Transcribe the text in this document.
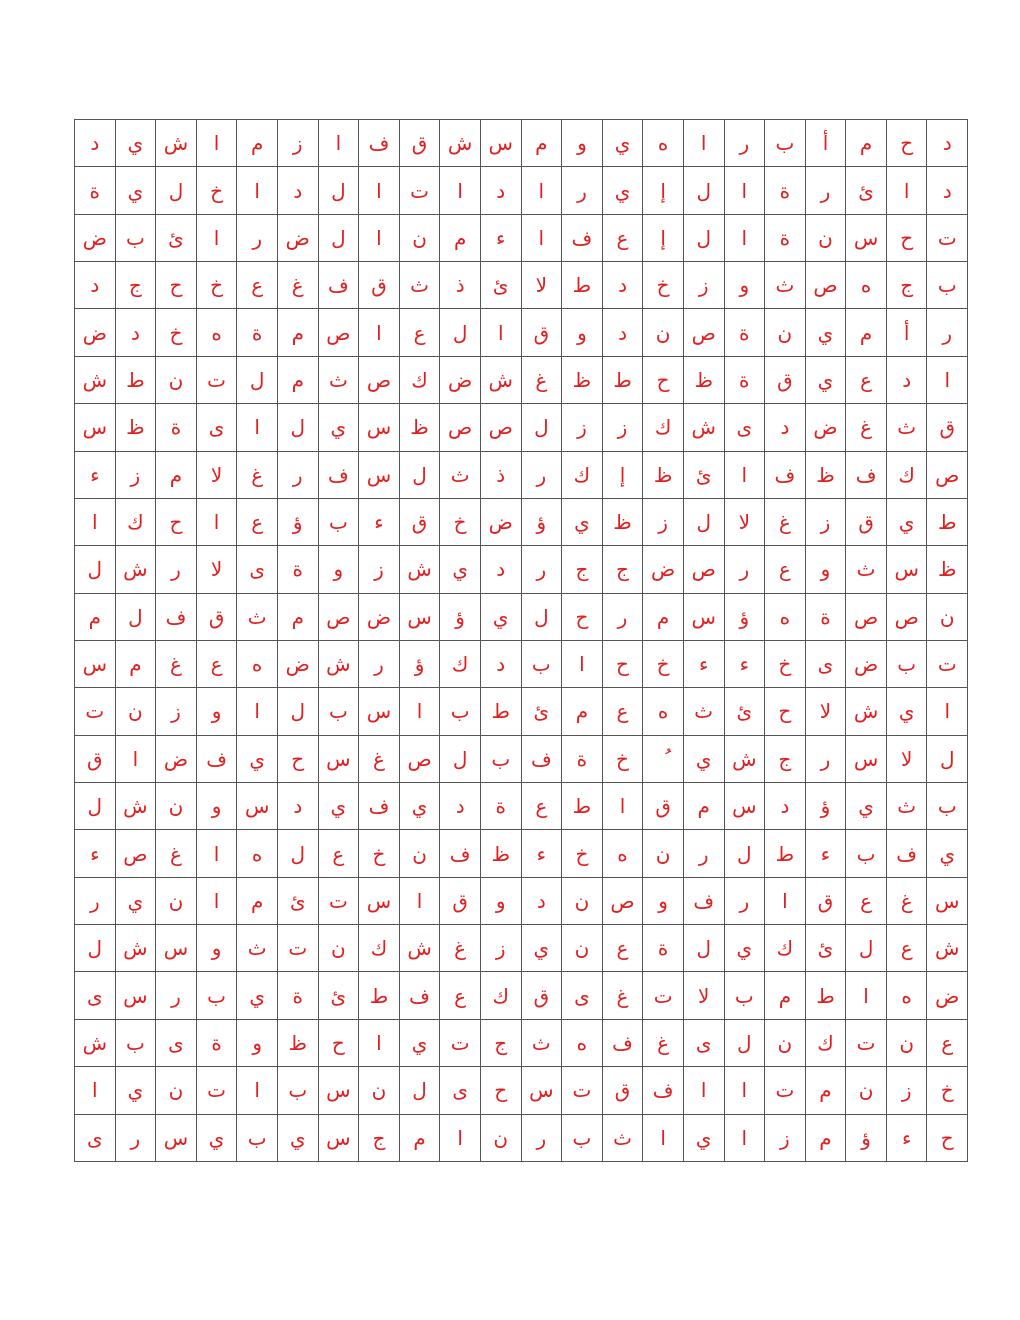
د	ي	ش	ا	م	ز	ا	ف	ق	ش	س	م	و	ي	ه	ا	ر	ب	أ	م	ح	د
ة	ي	ل	خ	ا	د	ل	ا	ت	ا	د	ا	ر	ي	إ	ل	ا	ة	ر	ئ	ا	د
ض	ب	ئ	ا	ر	ض	ل	ا	ن	م	ء	ا	ف	ع	إ	ل	ا	ة	ن	س	ح	ت
د	ج	ح	خ	ع	غ	ف	ق	ث	ذ	ئ	لا	ط	د	خ	ز	و	ث	ص	ه	ج	ب
ض	د	خ	ه	ة	م	ص	ا	ع	ل	ا	ق	و	د	ن	ص	ة	ن	ي	م	أ	ر
ش	ط	ن	ت	ل	م	ث	ص	ك	ض	ش	غ	ظ	ط	ح	ظ	ة	ق	ي	ع	د	ا
س	ظ	ة	ى	ا	ل	ي	س	ظ	ص	ص	ل	ز	ز	ك	ش	ى	د	ض	غ	ث	ق
ء	ز	م	لا	غ	ر	ف	س	ل	ث	ذ	ر	ك	إ	ظ	ئ	ا	ف	ظ	ف	ك	ص
ا	ك	ح	ا	ع	ؤ	ب	ء	ق	خ	ض	ؤ	ي	ظ	ز	ل	لا	غ	ز	ق	ي	ط
ل	ش	ر	لا	ى	ة	و	ز	ش	ي	د	ر	ج	ج	ض	ص	ر	ع	و	ث	س	ظ
م	ل	ف	ق	ث	م	ص	ض	س	ؤ	ي	ل	ح	ر	م	س	ؤ	ه	ة	ص	ص	ن
س	م	غ	ع	ه	ض	ش	ر	ؤ	ك	د	ب	ا	ح	خ	ء	ء	خ	ى	ض	ب	ت
ت	ن	ز	و	ا	ل	ب	س	ا	ب	ط	ئ	م	ع	ه	ث	ئ	ح	لا	ش	ي	ا
ق	ا	ض	ف	ي	ح	س	غ	ص	ل	ب	ف	ة	خ		ي	ش	ج	ر	س	لا	ل
ل	ش	ن	و	س	د	ي	ف	ي	د	ة	ع	ط	ا	ق	م	س	د	ؤ	ي	ث	ب
ء	ص	غ	ا	ه	ل	ع	خ	ن	ف	ظ	ء	خ	ه	ن	ر	ل	ط	ء	ب	ف	ي
ر	ي	ن	ا	م	ئ	ت	س	ا	ق	و	د	ن	ص	و	ف	ر	ا	ق	ع	غ	س
ل	ش	س	و	ث	ت	ن	ك	ش	غ	ز	ي	ن	ع	ة	ل	ي	ك	ئ	ل	ع	ش
ى	س	ر	ب	ي	ة	ئ	ط	ف	ع	ك	ق	ى	غ	ت	لا	ب	م	ط	ا	ه	ض
ش	ب	ى	ة	و	ظ	ح	ا	ي	ت	ج	ث	ه	ف	غ	ى	ل	ن	ك	ت	ن	ع
ا	ي	ن	ت	ا	ب	س	ن	ل	ى	ح	س	ت	ق	ف	ا	ا	ت	م	ن	ز	خ
ى	ر	س	ي	ب	ي	س	ج	م	ا	ن	ر	ب	ث	ا	ي	ا	ز	م	ؤ	ء	ح
